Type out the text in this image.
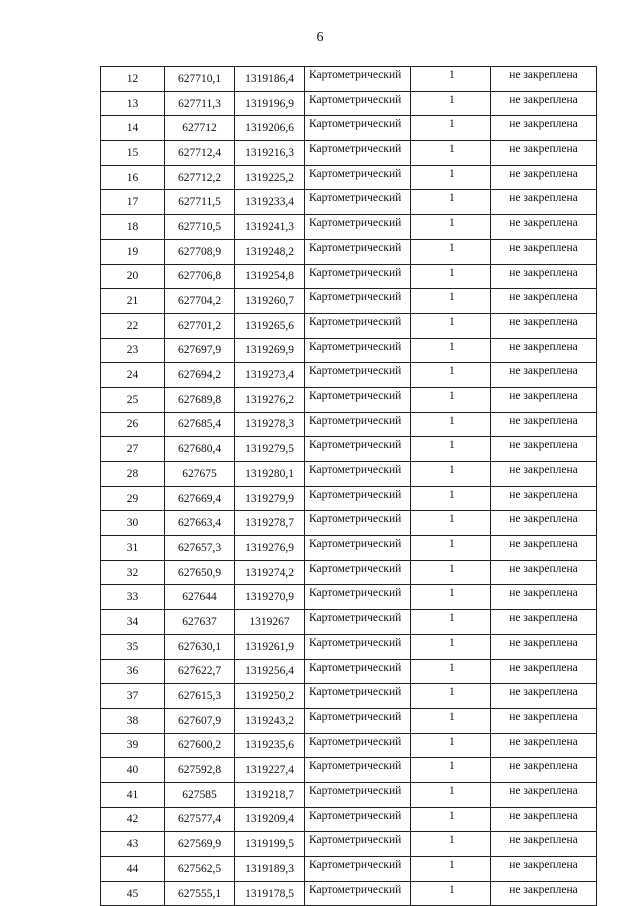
6
12	627710,1	1319186,4	Картометрический	1	не закреплена
13	627711,3	1319196,9	Картометрический	1	не закреплена
14	627712	1319206,6	Картометрический	1	не закреплена
15	627712,4	1319216,3	Картометрический	1	не закреплена
16	627712,2	1319225,2	Картометрический	1	не закреплена
17	627711,5	1319233,4	Картометрический	1	не закреплена
18	627710,5	1319241,3	Картометрический	1	не закреплена
19	627708,9	1319248,2	Картометрический	1	не закреплена
20	627706,8	1319254,8	Картометрический	1	не закреплена
21	627704,2	1319260,7	Картометрический	1	не закреплена
22	627701,2	1319265,6	Картометрический	1	не закреплена
23	627697,9	1319269,9	Картометрический	1	не закреплена
24	627694,2	1319273,4	Картометрический	1	не закреплена
25	627689,8	1319276,2	Картометрический	1	не закреплена
26	627685,4	1319278,3	Картометрический	1	не закреплена
27	627680,4	1319279,5	Картометрический	1	не закреплена
28	627675	1319280,1	Картометрический	1	не закреплена
29	627669,4	1319279,9	Картометрический	1	не закреплена
30	627663,4	1319278,7	Картометрический	1	не закреплена
31	627657,3	1319276,9	Картометрический	1	не закреплена
32	627650,9	1319274,2	Картометрический	1	не закреплена
33	627644	1319270,9	Картометрический	1	не закреплена
34	627637	1319267	Картометрический	1	не закреплена
35	627630,1	1319261,9	Картометрический	1	не закреплена
36	627622,7	1319256,4	Картометрический	1	не закреплена
37	627615,3	1319250,2	Картометрический	1	не закреплена
38	627607,9	1319243,2	Картометрический	1	не закреплена
39	627600,2	1319235,6	Картометрический	1	не закреплена
40	627592,8	1319227,4	Картометрический	1	не закреплена
41	627585	1319218,7	Картометрический	1	не закреплена
42	627577,4	1319209,4	Картометрический	1	не закреплена
43	627569,9	1319199,5	Картометрический	1	не закреплена
44	627562,5	1319189,3	Картометрический	1	не закреплена
45	627555,1	1319178,5	Картометрический	1	не закреплена
